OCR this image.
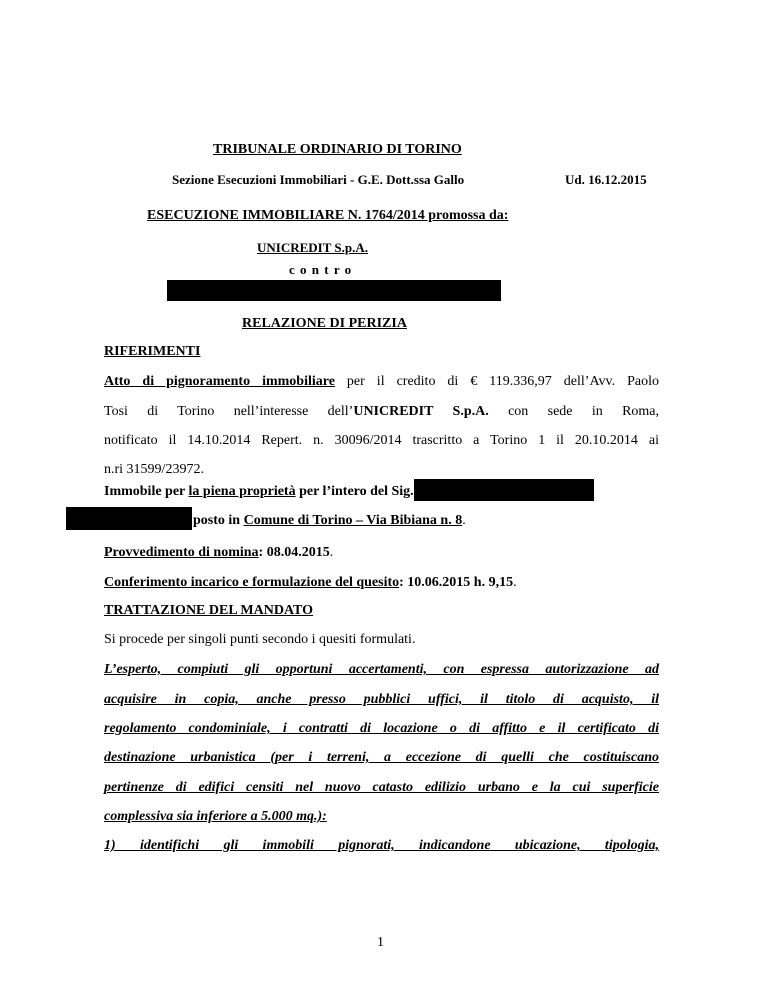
TRIBUNALE ORDINARIO DI TORINO
Sezione Esecuzioni Immobiliari - G.E. Dott.ssa Gallo	Ud. 16.12.2015
ESECUZIONE IMMOBILIARE N. 1764/2014 promossa da:
UNICREDIT S.p.A.
c o n t r o
RELAZIONE DI PERIZIA
RIFERIMENTI
Atto di pignoramento immobiliare per il credito di € 119.336,97 dell’Avv. Paolo
Tosi di Torino nell’interesse dell’UNICREDIT S.p.A. con sede in Roma,
notificato il 14.10.2014 Repert. n. 30096/2014 trascritto a Torino 1 il 20.10.2014 ai
n.ri 31599/23972.
Immobile per la piena proprietà per l’intero del Sig.
posto in Comune di Torino – Via Bibiana n. 8.
Provvedimento di nomina: 08.04.2015.
Conferimento incarico e formulazione del quesito: 10.06.2015 h. 9,15.
TRATTAZIONE DEL MANDATO
Si procede per singoli punti secondo i quesiti formulati.
L’esperto, compiuti gli opportuni accertamenti, con espressa autorizzazione ad
acquisire in copia, anche presso pubblici uffici, il titolo di acquisto, il
regolamento condominiale, i contratti di locazione o di affitto e il certificato di
destinazione urbanistica (per i terreni, a eccezione di quelli che costituiscano
pertinenze di edifici censiti nel nuovo catasto edilizio urbano e la cui superficie
complessiva sia inferiore a 5.000 mq.):
1) identifichi gli immobili pignorati, indicandone ubicazione, tipologia,
1
